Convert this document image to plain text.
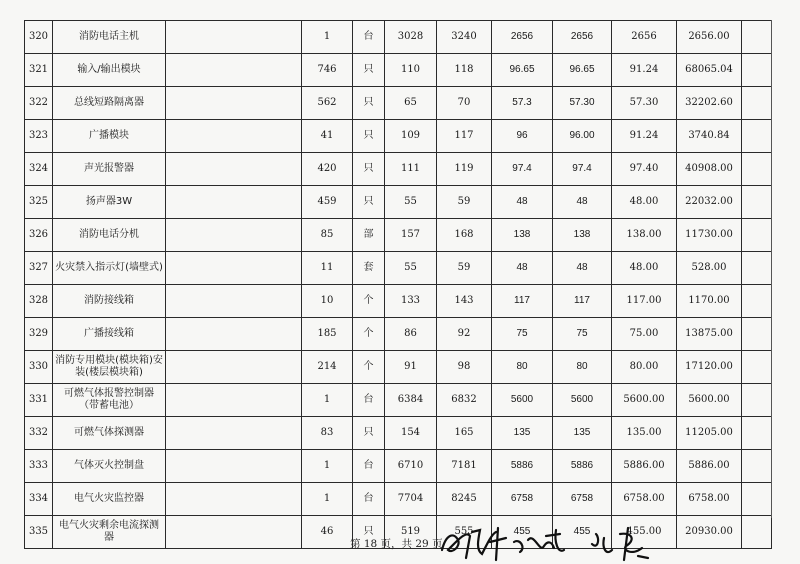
320	消防电话主机		1	台	3028	3240	2656	2656	2656	2656.00	
321	输入/输出模块		746	只	110	118	96.65	96.65	91.24	68065.04	
322	总线短路隔离器		562	只	65	70	57.3	57.30	57.30	32202.60	
323	广播模块		41	只	109	117	96	96.00	91.24	3740.84	
324	声光报警器		420	只	111	119	97.4	97.4	97.40	40908.00	
325	扬声器3W		459	只	55	59	48	48	48.00	22032.00	
326	消防电话分机		85	部	157	168	138	138	138.00	11730.00	
327	火灾禁入指示灯(墙壁式)		11	套	55	59	48	48	48.00	528.00	
328	消防接线箱		10	个	133	143	117	117	117.00	1170.00	
329	广播接线箱		185	个	86	92	75	75	75.00	13875.00	
330	消防专用模块(模块箱)安装(楼层模块箱)		214	个	91	98	80	80	80.00	17120.00	
331	可燃气体报警控制器（带蓄电池）		1	台	6384	6832	5600	5600	5600.00	5600.00	
332	可燃气体探测器		83	只	154	165	135	135	135.00	11205.00	
333	气体灭火控制盘		1	台	6710	7181	5886	5886	5886.00	5886.00	
334	电气火灾监控器		1	台	7704	8245	6758	6758	6758.00	6758.00	
335	电气火灾剩余电流探测器		46	只	519	555	455	455	455.00	20930.00	
第 18 页，共 29 页
